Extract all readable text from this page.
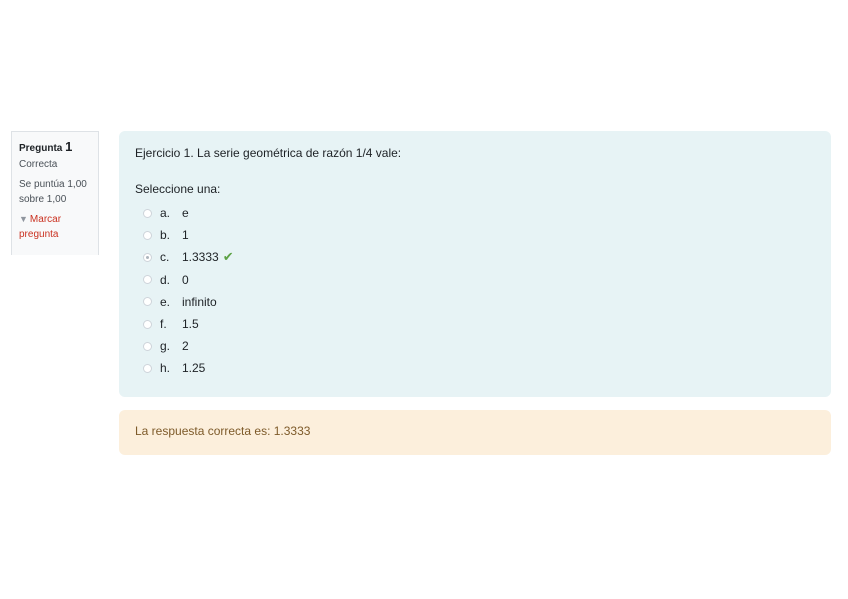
Pregunta 1
Correcta
Se puntúa 1,00
sobre 1,00
▼ Marcar
pregunta
Ejercicio 1. La serie geométrica de razón 1/4 vale:
Seleccione una:
a. e
b. 1
c.	1.3333 ✔
d. 0
e. infinito
f.	1.5
g. 2
h. 1.25
La respuesta correcta es: 1.3333
